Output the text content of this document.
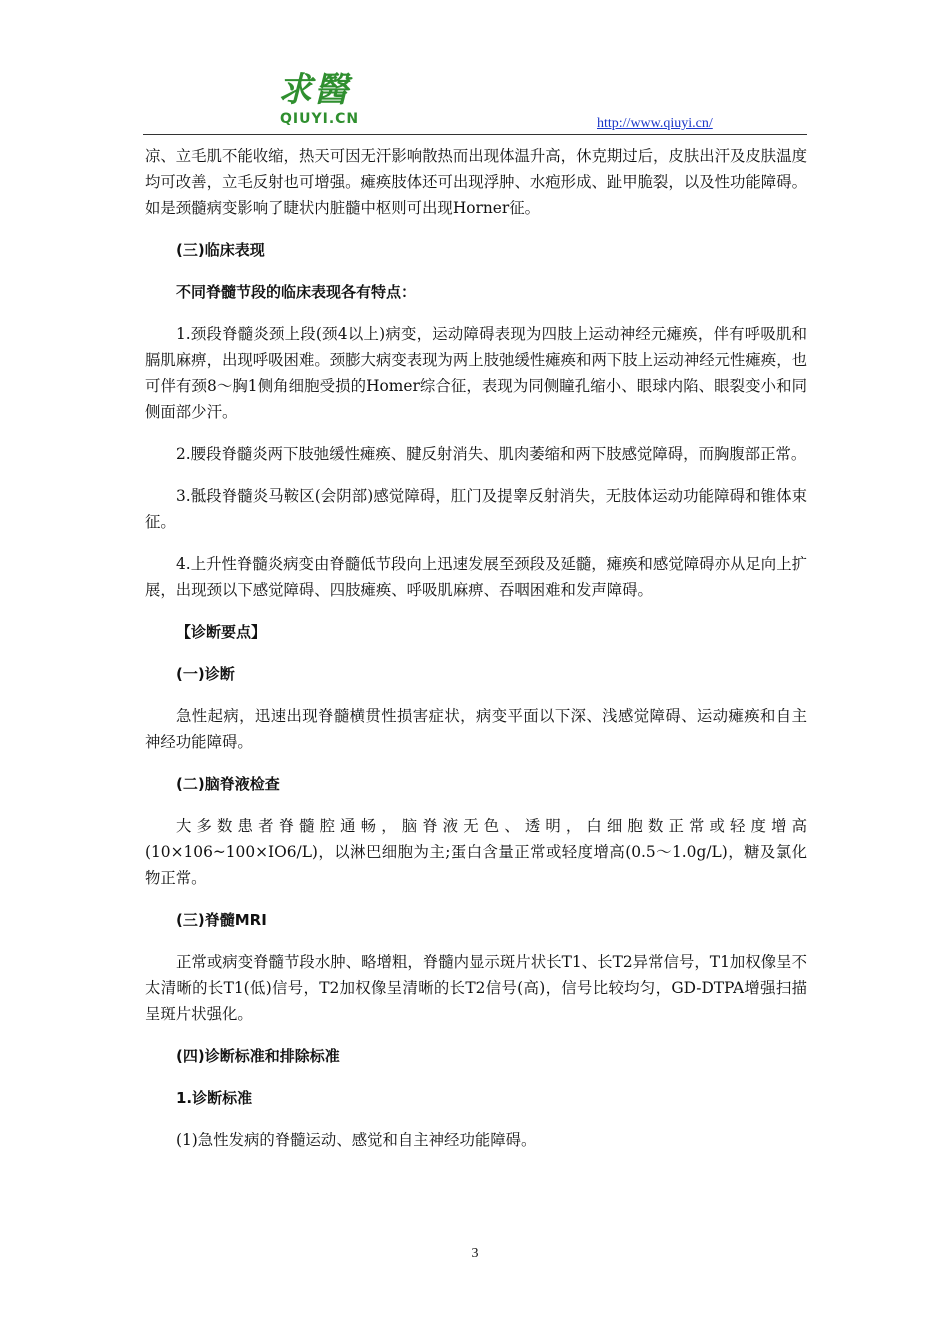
求醫
QIUYI.CN	http://www.qiuyi.cn/

凉、立毛肌不能收缩，热天可因无汗影响散热而出现体温升高，休克期过后，皮肤出汗及皮肤温度均可改善，立毛反射也可增强。瘫痪肢体还可出现浮肿、水疱形成、趾甲脆裂，以及性功能障碍。如是颈髓病变影响了睫状内脏髓中枢则可出现Horner征。

(三)临床表现

不同脊髓节段的临床表现各有特点：

1.颈段脊髓炎颈上段(颈4以上)病变，运动障碍表现为四肢上运动神经元瘫痪，伴有呼吸肌和膈肌麻痹，出现呼吸困难。颈膨大病变表现为两上肢弛缓性瘫痪和两下肢上运动神经元性瘫痪，也可伴有颈8～胸1侧角细胞受损的Homer综合征，表现为同侧瞳孔缩小、眼球内陷、眼裂变小和同侧面部少汗。

2.腰段脊髓炎两下肢弛缓性瘫痪、腱反射消失、肌肉萎缩和两下肢感觉障碍，而胸腹部正常。

3.骶段脊髓炎马鞍区(会阴部)感觉障碍，肛门及提睾反射消失，无肢体运动功能障碍和锥体束征。

4.上升性脊髓炎病变由脊髓低节段向上迅速发展至颈段及延髓，瘫痪和感觉障碍亦从足向上扩展，出现颈以下感觉障碍、四肢瘫痪、呼吸肌麻痹、吞咽困难和发声障碍。

【诊断要点】

(一)诊断

急性起病，迅速出现脊髓横贯性损害症状，病变平面以下深、浅感觉障碍、运动瘫痪和自主神经功能障碍。

(二)脑脊液检查

大多数患者脊髓腔通畅，脑脊液无色、透明，白细胞数正常或轻度增高(10×106~100×IO6/L)，以淋巴细胞为主;蛋白含量正常或轻度增高(0.5～1.0g/L)，糖及氯化物正常。

(三)脊髓MRI

正常或病变脊髓节段水肿、略增粗，脊髓内显示斑片状长T1、长T2异常信号，T1加权像呈不太清晰的长T1(低)信号，T2加权像呈清晰的长T2信号(高)，信号比较均匀，GD-DTPA增强扫描呈斑片状强化。

(四)诊断标准和排除标准

1.诊断标准

(1)急性发病的脊髓运动、感觉和自主神经功能障碍。

3
